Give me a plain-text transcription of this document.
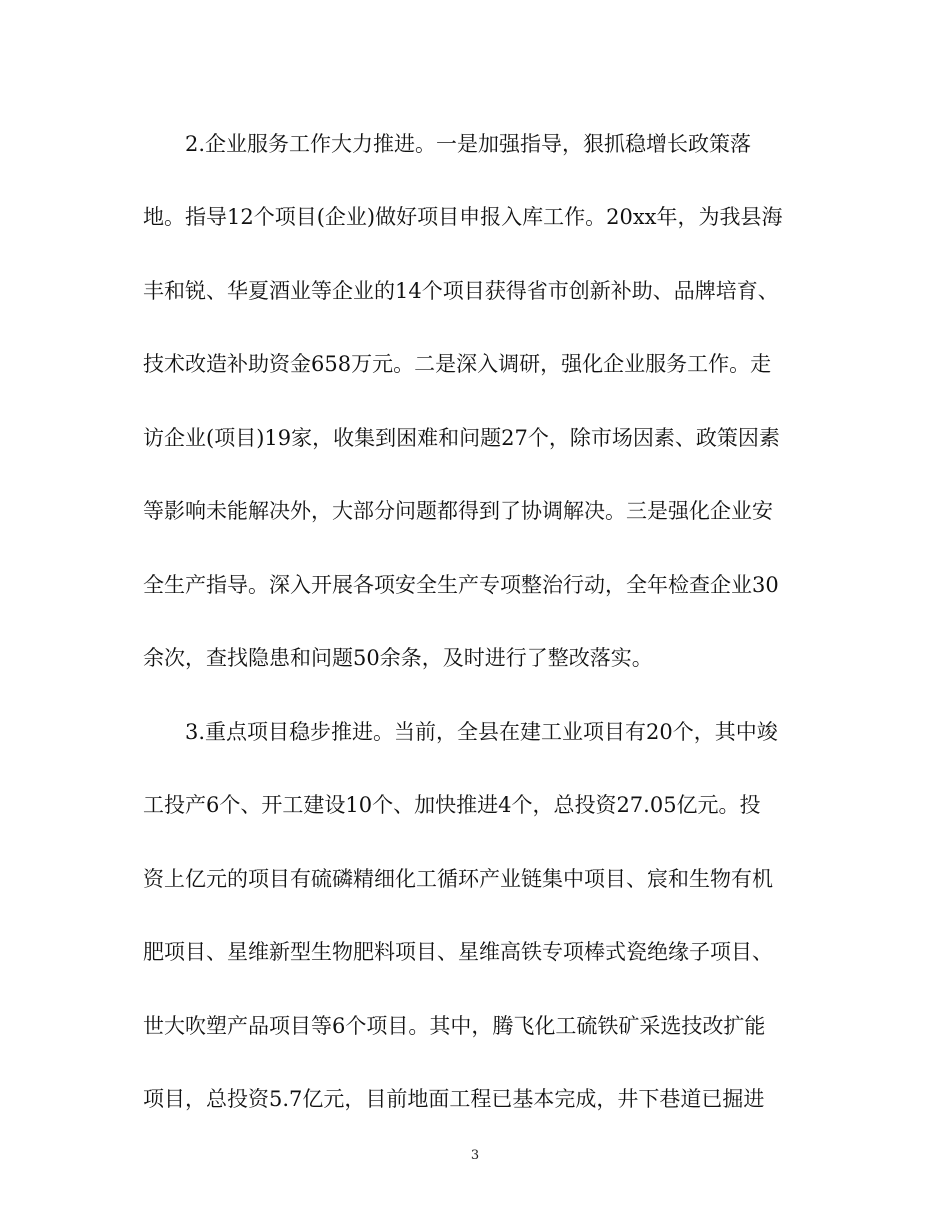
2.企业服务工作大力推进。一是加强指导，狠抓稳增长政策落
地。指导12个项目(企业)做好项目申报入库工作。20xx年，为我县海
丰和锐、华夏酒业等企业的14个项目获得省市创新补助、品牌培育、
技术改造补助资金658万元。二是深入调研，强化企业服务工作。走
访企业(项目)19家，收集到困难和问题27个，除市场因素、政策因素
等影响未能解决外，大部分问题都得到了协调解决。三是强化企业安
全生产指导。深入开展各项安全生产专项整治行动，全年检查企业30
余次，查找隐患和问题50余条，及时进行了整改落实。
3.重点项目稳步推进。当前，全县在建工业项目有20个，其中竣
工投产6个、开工建设10个、加快推进4个，总投资27.05亿元。投
资上亿元的项目有硫磷精细化工循环产业链集中项目、宸和生物有机
肥项目、星维新型生物肥料项目、星维高铁专项棒式瓷绝缘子项目、
世大吹塑产品项目等6个项目。其中，腾飞化工硫铁矿采选技改扩能
项目，总投资5.7亿元，目前地面工程已基本完成，井下巷道已掘进
3
